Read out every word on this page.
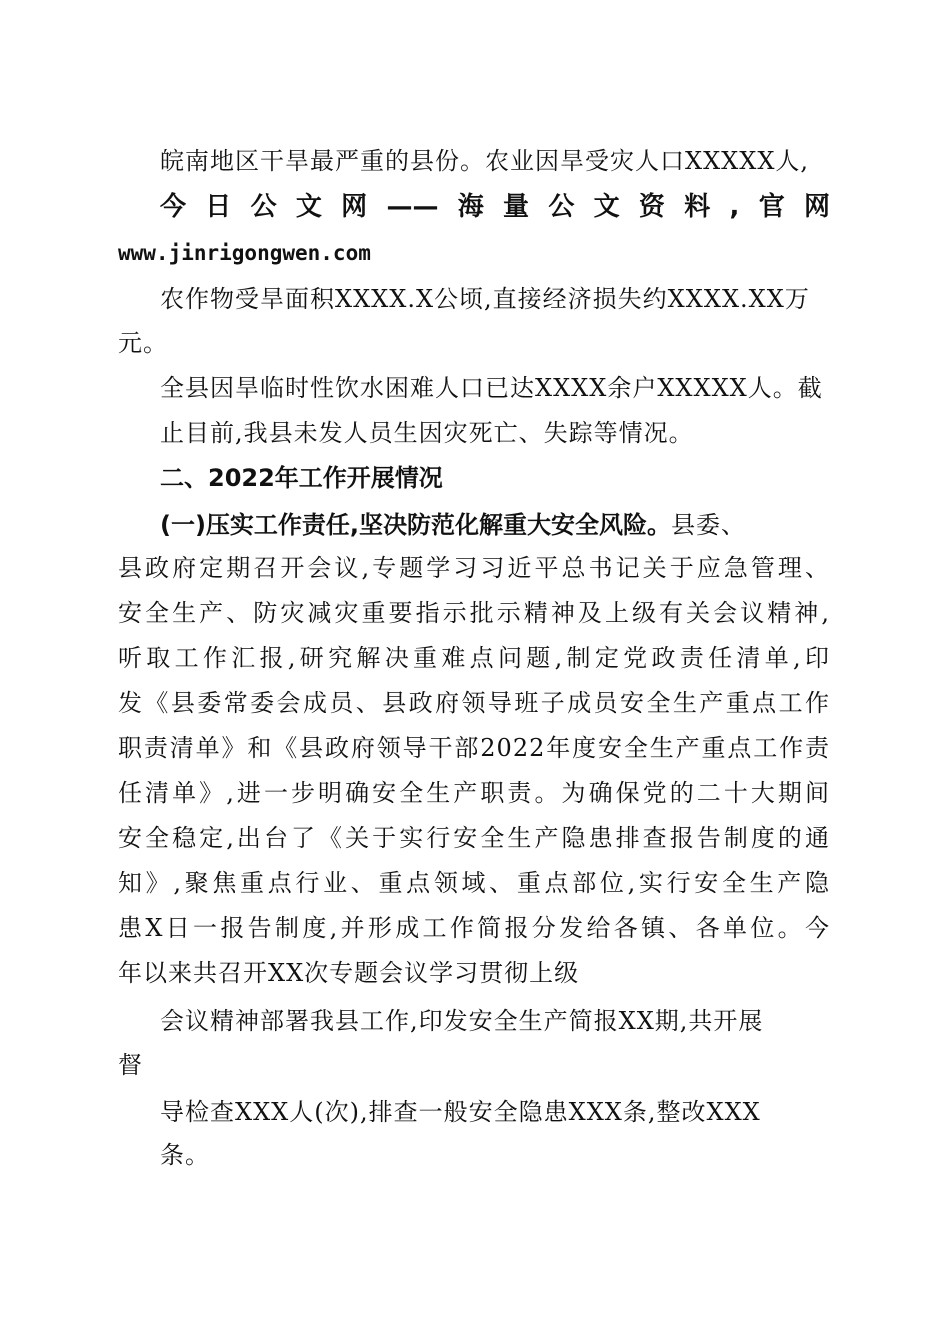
皖南地区干旱最严重的县份。农业因旱受灾人口XXXXX人,
今日公文网——海量公文资料,官网
www.jinrigongwen.com
农作物受旱面积XXXX.X公顷,直接经济损失约XXXX.XX万
元。
全县因旱临时性饮水困难人口已达XXXX余户XXXXX人。截
止目前,我县未发人员生因灾死亡、失踪等情况。
二、2022年工作开展情况
(一)压实工作责任,坚决防范化解重大安全风险。县委、
县政府定期召开会议,专题学习习近平总书记关于应急管理、
安全生产、防灾减灾重要指示批示精神及上级有关会议精神,
听取工作汇报,研究解决重难点问题,制定党政责任清单,印
发《县委常委会成员、县政府领导班子成员安全生产重点工作
职责清单》和《县政府领导干部2022年度安全生产重点工作责
任清单》,进一步明确安全生产职责。为确保党的二十大期间
安全稳定,出台了《关于实行安全生产隐患排查报告制度的通
知》,聚焦重点行业、重点领域、重点部位,实行安全生产隐
患X日一报告制度,并形成工作简报分发给各镇、各单位。今
年以来共召开XX次专题会议学习贯彻上级
会议精神部署我县工作,印发安全生产简报XX期,共开展
督
导检查XXX人(次),排查一般安全隐患XXX条,整改XXX
条。
